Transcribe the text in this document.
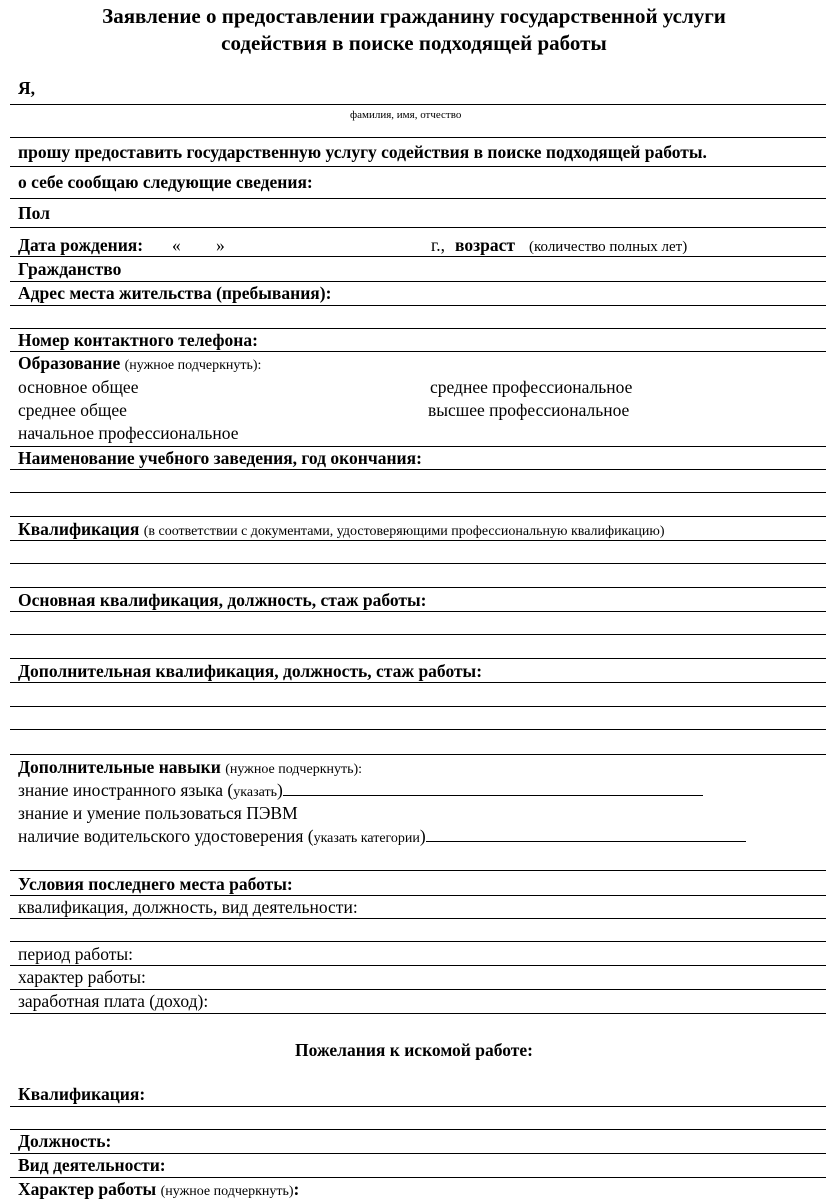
Заявление о предоставлении гражданину государственной услуги
содействия в поиске подходящей работы
Я,
фамилия, имя, отчество
прошу предоставить государственную услугу содействия в поиске подходящей работы.
о себе сообщаю следующие сведения:
Пол
Дата рождения: « »	г., возраст (количество полных лет)
Гражданство
Адрес места жительства (пребывания):
Номер контактного телефона:
Образование (нужное подчеркнуть):
основное общее	среднее профессиональное
среднее общее	высшее профессиональное
начальное профессиональное
Наименование учебного заведения, год окончания:
Квалификация (в соответствии с документами, удостоверяющими профессиональную квалификацию)
Основная квалификация, должность, стаж работы:
Дополнительная квалификация, должность, стаж работы:
Дополнительные навыки (нужное подчеркнуть):
знание иностранного языка (указать)
знание и умение пользоваться ПЭВМ
наличие водительского удостоверения (указать категории)
Условия последнего места работы:
квалификация, должность, вид деятельности:
период работы:
характер работы:
заработная плата (доход):
Пожелания к искомой работе:
Квалификация:
Должность:
Вид деятельности:
Характер работы (нужное подчеркнуть):
